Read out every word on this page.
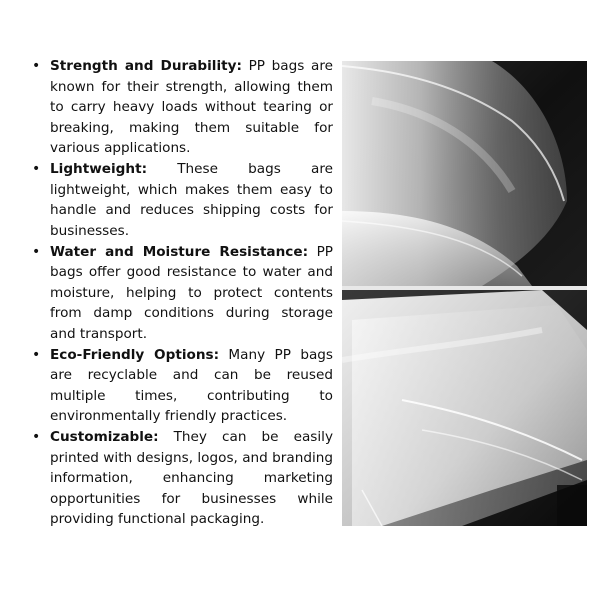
• Strength and Durability: PP bags are known for their strength, allowing them to carry heavy loads without tearing or breaking, making them suitable for various applications.
• Lightweight: These bags are lightweight, which makes them easy to handle and reduces shipping costs for businesses.
• Water and Moisture Resistance: PP bags offer good resistance to water and moisture, helping to protect contents from damp conditions during storage and transport.
• Eco-Friendly Options: Many PP bags are recyclable and can be reused multiple times, contributing to environmentally friendly practices.
• Customizable: They can be easily printed with designs, logos, and branding information, enhancing marketing opportunities for businesses while providing functional packaging.
